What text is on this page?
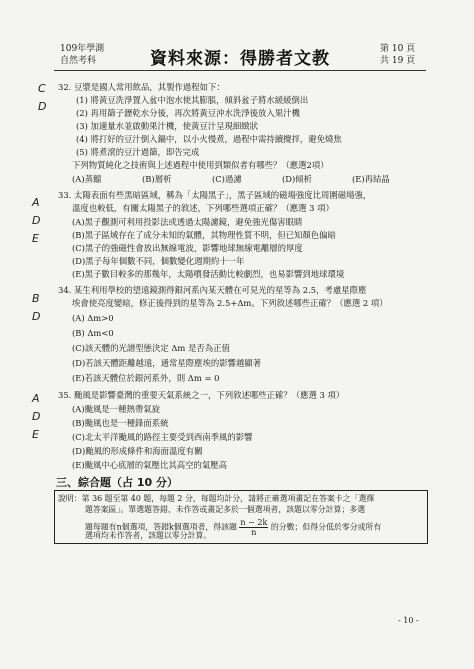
109年學測
自然考科	資料來源：得勝者文教	第 10 頁
共 19 頁
C
D
32. 豆漿是國人常用飲品，其製作過程如下：
(1) 將黃豆洗淨置入盆中泡水使其膨脹，傾斜盆子將水緩緩倒出
(2) 再用篩子瀝乾水分後，再次將黃豆沖水洗淨後放入果汁機
(3) 加適量水並啟動果汁機，使黃豆汁呈現細緻狀
(4) 將打好的豆汁倒入鍋中，以小火慢煮，過程中需持續攪拌，避免燒焦
(5) 將煮滾的豆汁過篩，即告完成
下列物質純化之技術與上述過程中使用到類似者有哪些？（應選2項）
(A)蒸餾	(B)層析	(C)過濾	(D)傾析	(E)再結晶
A
D
E
33. 太陽表面有些黑暗區域，稱為「太陽黑子」，黑子區域的磁場強度比周圍磁場強，
溫度也較低，有關太陽黑子的敘述，下列哪些選項正確？（應選 3 項）
(A)黑子觀測可利用投影法或透過太陽濾鏡，避免強光傷害眼睛
(B)黑子區域存在了成分未知的氣體，其物理性質不明，但已知顏色偏暗
(C)黑子的強磁性會放出無線電波，影響地球無線電離層的厚度
(D)黑子每年個數不同，個數變化週期約十一年
(E)黑子數目較多的那幾年，太陽噴發活動比較劇烈，也易影響到地球環境
B
D
34. 某生利用學校的望遠鏡測得銀河系內某天體在可見光的星等為 2.5，考慮星際塵
埃會使亮度變暗，修正後得到的星等為 2.5+Δm。下列敘述哪些正確？（應選 2 項）
(A) Δm>0
(B) Δm<0
(C)該天體的光譜型態決定 Δm 是否為正值
(D)若該天體距離越遠，通常星際塵埃的影響越顯著
(E)若該天體位於銀河系外，則 Δm = 0
A
D
E
35. 颱風是影響臺灣的重要天氣系統之一，下列敘述哪些正確？（應選 3 項）
(A)颱風是一種熱帶氣旋
(B)颱風也是一種鋒面系統
(C)北太平洋颱風的路徑主要受到西南季風的影響
(D)颱風的形成條件和海面溫度有關
(E)颱風中心底層的氣壓比其高空的氣壓高
三、綜合題（占 10 分）
說明：第 36 題至第 40 題，每題 2 分，每題均計分，請將正確選項畫記在答案卡之「選擇
題答案區」。單選題答錯、未作答或畫記多於一個選項者，該題以零分計算；多選
題每題有n個選項，答錯k個選項者，得該題 $\frac{n - 2k}{n}$ 的分數；但得分低於零分或所有
選項均未作答者，該題以零分計算。
- 10 -
